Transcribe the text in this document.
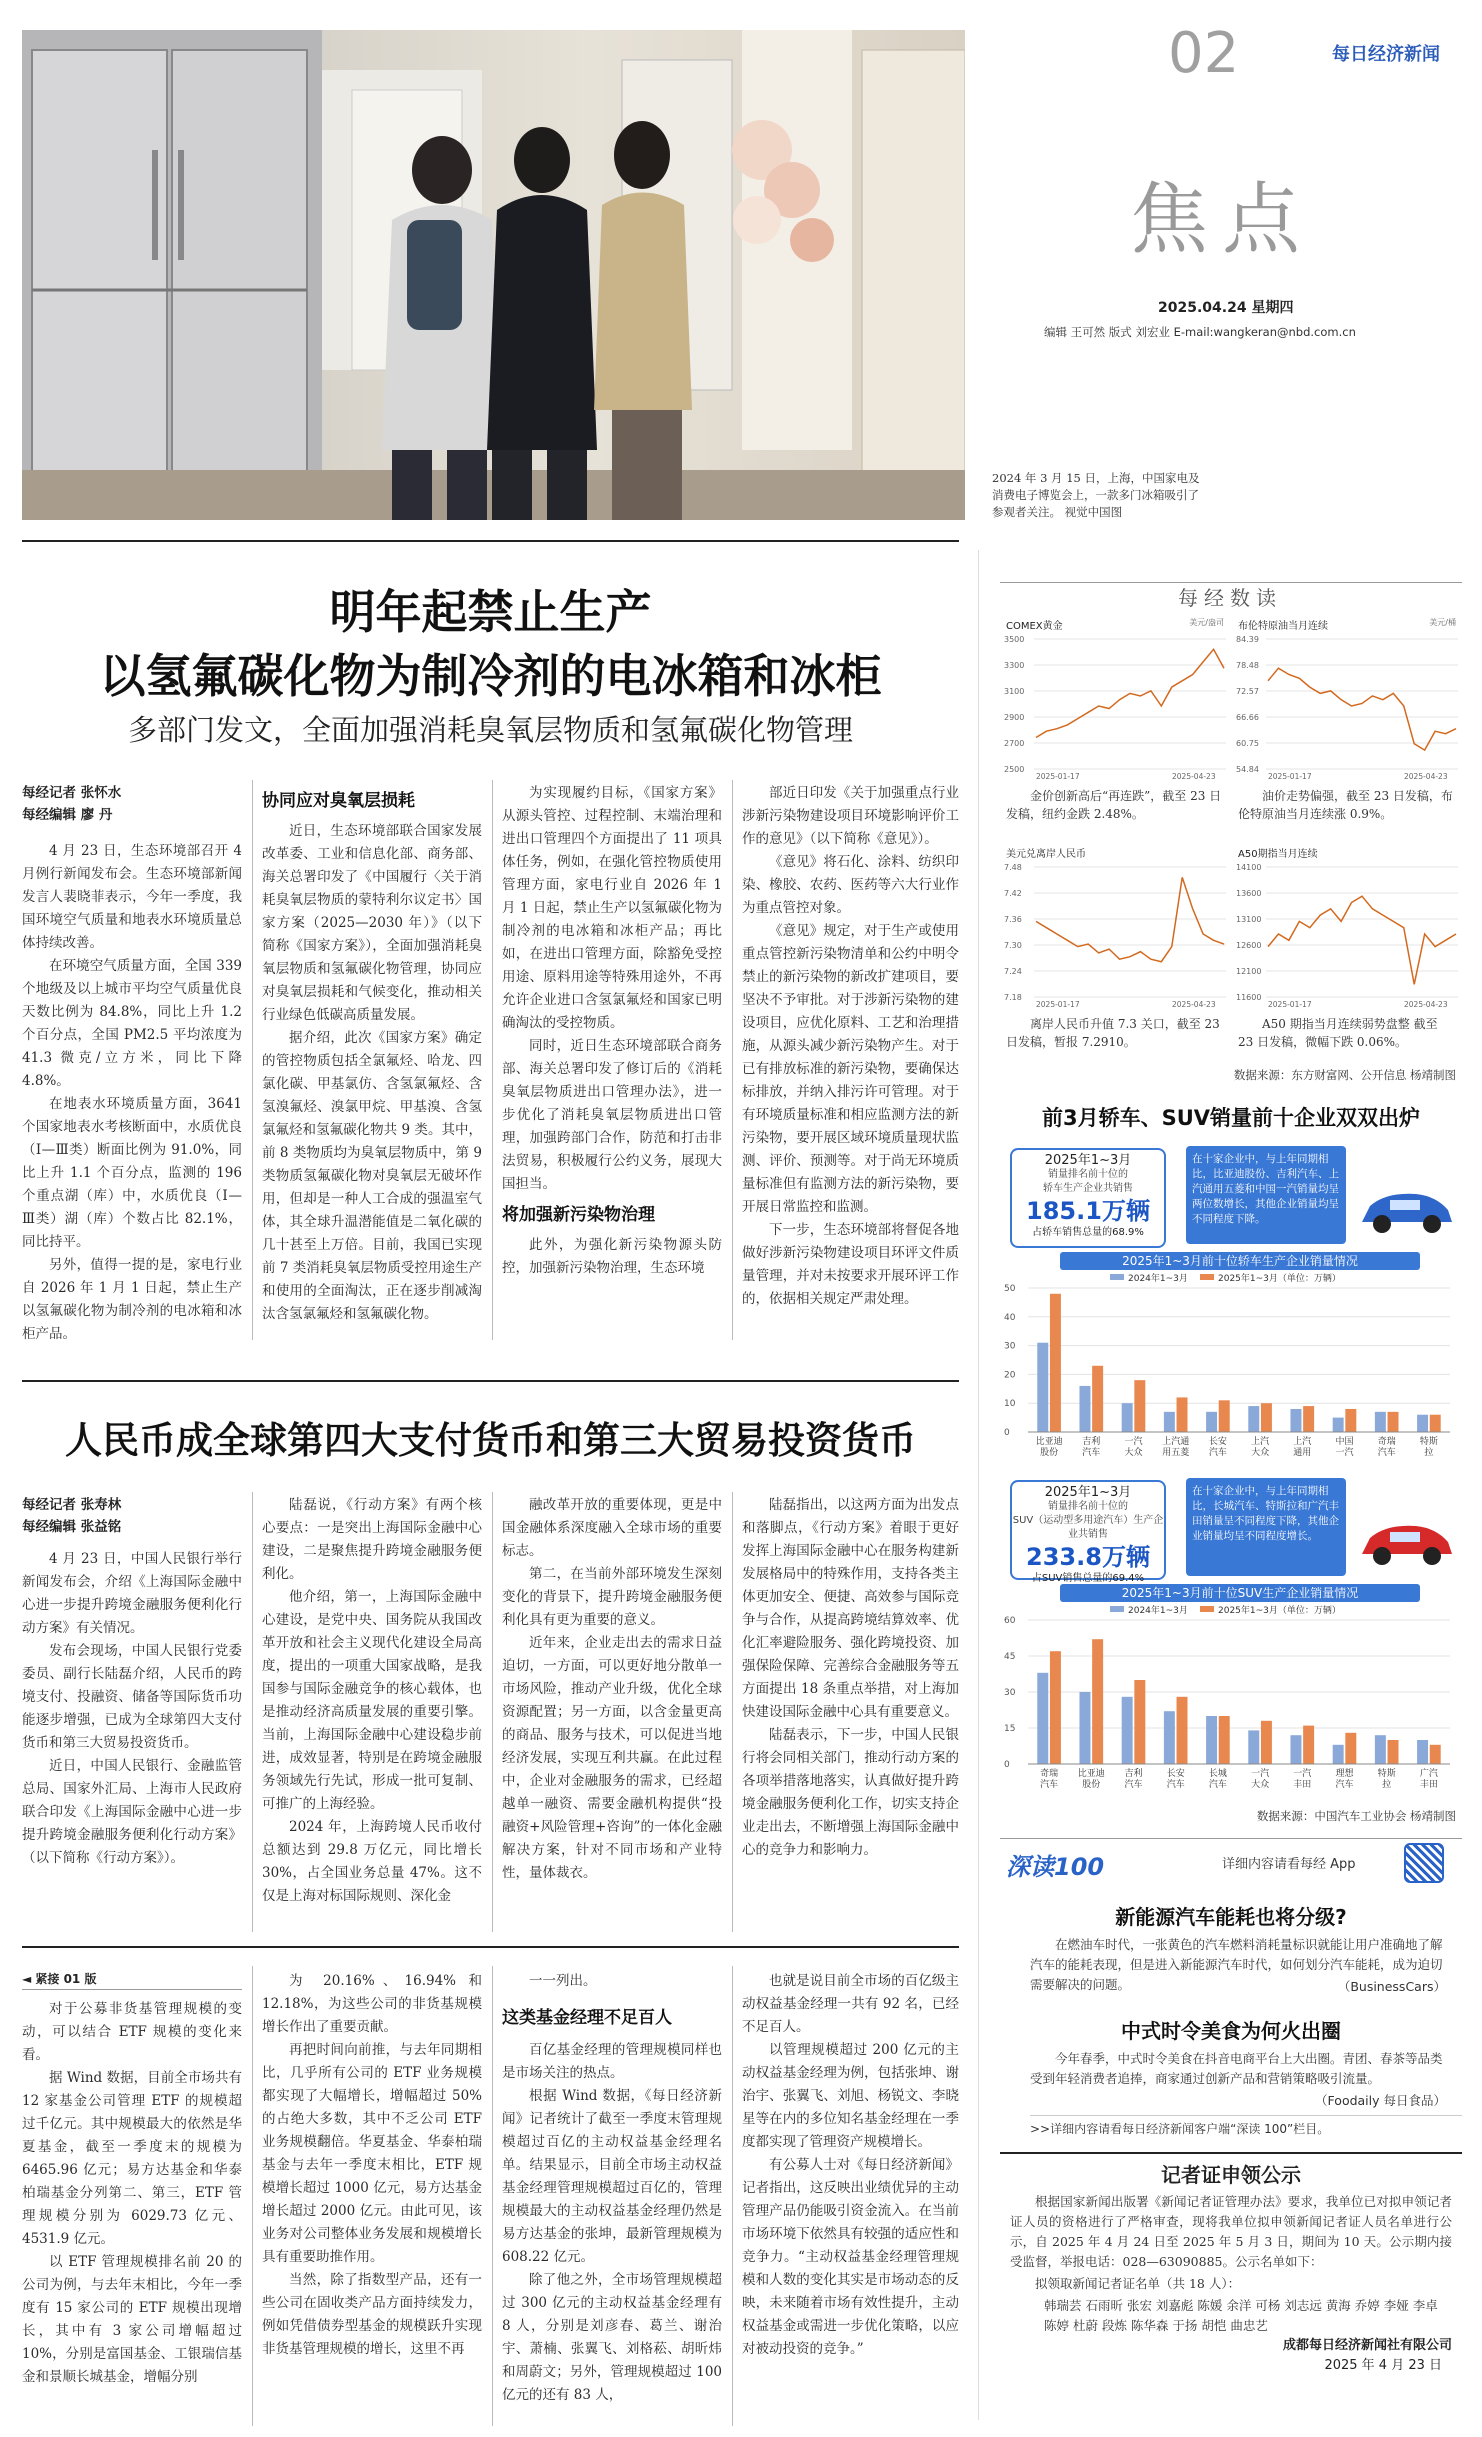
02	每日经济新闻
焦点
2025.04.24 星期四
编辑 王可然 版式 刘宏业 E-mail:wangkeran@nbd.com.cn
2024 年 3 月 15 日，上海，中国家电及消费电子博览会上，一款多门冰箱吸引了参观者关注。 视觉中国图
明年起禁止生产
以氢氟碳化物为制冷剂的电冰箱和冰柜
多部门发文，全面加强消耗臭氧层物质和氢氟碳化物管理
每经记者 张怀水
每经编辑 廖 丹

4 月 23 日，生态环境部召开 4 月例行新闻发布会。生态环境部新闻发言人裴晓菲表示，今年一季度，我国环境空气质量和地表水环境质量总体持续改善。

在环境空气质量方面，全国 339 个地级及以上城市平均空气质量优良天数比例为 84.8%，同比上升 1.2 个百分点，全国 PM2.5 平均浓度为 41.3 微克/立方米，同比下降 4.8%。

在地表水环境质量方面，3641 个国家地表水考核断面中，水质优良（Ⅰ—Ⅲ类）断面比例为 91.0%，同比上升 1.1 个百分点，监测的 196 个重点湖（库）中，水质优良（Ⅰ—Ⅲ类）湖（库）个数占比 82.1%，同比持平。

另外，值得一提的是，家电行业自 2026 年 1 月 1 日起，禁止生产以氢氟碳化物为制冷剂的电冰箱和冰柜产品。

协同应对臭氧层损耗

近日，生态环境部联合国家发展改革委、工业和信息化部、商务部、海关总署印发了《中国履行〈关于消耗臭氧层物质的蒙特利尔议定书〉国家方案（2025—2030 年）》（以下简称《国家方案》），全面加强消耗臭氧层物质和氢氟碳化物管理，协同应对臭氧层损耗和气候变化，推动相关行业绿色低碳高质量发展。

据介绍，此次《国家方案》确定的管控物质包括全氯氟烃、哈龙、四氯化碳、甲基氯仿、含氢氯氟烃、含氢溴氟烃、溴氯甲烷、甲基溴、含氢氯氟烃和氢氟碳化物共 9 类。其中，前 8 类物质均为臭氧层物质中，第 9 类物质氢氟碳化物对臭氧层无破坏作用，但却是一种人工合成的强温室气体，其全球升温潜能值是二氧化碳的几十甚至上万倍。目前，我国已实现前 7 类消耗臭氧层物质受控用途生产和使用的全面淘汰，正在逐步削减淘汰含氢氯氟烃和氢氟碳化物。

为实现履约目标，《国家方案》从源头管控、过程控制、末端治理和进出口管理四个方面提出了 11 项具体任务，例如，在强化管控物质使用管理方面，家电行业自 2026 年 1 月 1 日起，禁止生产以氢氟碳化物为制冷剂的电冰箱和冰柜产品；再比如，在进出口管理方面，除豁免受控用途、原料用途等特殊用途外，不再允许企业进口含氢氯氟烃和国家已明确淘汰的受控物质。

同时，近日生态环境部联合商务部、海关总署印发了修订后的《消耗臭氧层物质进出口管理办法》，进一步优化了消耗臭氧层物质进出口管理，加强跨部门合作，防范和打击非法贸易，积极履行公约义务，展现大国担当。

将加强新污染物治理

此外，为强化新污染物源头防控，加强新污染物治理，生态环境

部近日印发《关于加强重点行业涉新污染物建设项目环境影响评价工作的意见》（以下简称《意见》）。

《意见》将石化、涂料、纺织印染、橡胶、农药、医药等六大行业作为重点管控对象。

《意见》规定，对于生产或使用重点管控新污染物清单和公约中明令禁止的新污染物的新改扩建项目，要坚决不予审批。对于涉新污染物的建设项目，应优化原料、工艺和治理措施，从源头减少新污染物产生。对于已有排放标准的新污染物，要确保达标排放，并纳入排污许可管理。对于有环境质量标准和相应监测方法的新污染物，要开展区域环境质量现状监测、评价、预测等。对于尚无环境质量标准但有监测方法的新污染物，要开展日常监控和监测。

下一步，生态环境部将督促各地做好涉新污染物建设项目环评文件质量管理，并对未按要求开展环评工作的，依据相关规定严肃处理。

人民币成全球第四大支付货币和第三大贸易投资货币
每经记者 张寿林
每经编辑 张益铭

4 月 23 日，中国人民银行举行新闻发布会，介绍《上海国际金融中心进一步提升跨境金融服务便利化行动方案》有关情况。

发布会现场，中国人民银行党委委员、副行长陆磊介绍，人民币的跨境支付、投融资、储备等国际货币功能逐步增强，已成为全球第四大支付货币和第三大贸易投资货币。

近日，中国人民银行、金融监管总局、国家外汇局、上海市人民政府联合印发《上海国际金融中心进一步提升跨境金融服务便利化行动方案》（以下简称《行动方案》）。

陆磊说，《行动方案》有两个核心要点：一是突出上海国际金融中心建设，二是聚焦提升跨境金融服务便利化。

他介绍，第一，上海国际金融中心建设，是党中央、国务院从我国改革开放和社会主义现代化建设全局高度，提出的一项重大国家战略，是我国参与国际金融竞争的核心载体，也是推动经济高质量发展的重要引擎。当前，上海国际金融中心建设稳步前进，成效显著，特别是在跨境金融服务领域先行先试，形成一批可复制、可推广的上海经验。

2024 年，上海跨境人民币收付总额达到 29.8 万亿元，同比增长 30%，占全国业务总量 47%。这不仅是上海对标国际规则、深化金

融改革开放的重要体现，更是中国金融体系深度融入全球市场的重要标志。

第二，在当前外部环境发生深刻变化的背景下，提升跨境金融服务便利化具有更为重要的意义。

近年来，企业走出去的需求日益迫切，一方面，可以更好地分散单一市场风险，推动产业升级，优化全球资源配置；另一方面，以含金量更高的商品、服务与技术，可以促进当地经济发展，实现互利共赢。在此过程中，企业对金融服务的需求，已经超越单一融资、需要金融机构提供“投融资+风险管理+咨询”的一体化金融解决方案，针对不同市场和产业特性，量体裁衣。

陆磊指出，以这两方面为出发点和落脚点，《行动方案》着眼于更好发挥上海国际金融中心在服务构建新发展格局中的特殊作用，支持各类主体更加安全、便捷、高效参与国际竞争与合作，从提高跨境结算效率、优化汇率避险服务、强化跨境投资、加强保险保障、完善综合金融服务等五方面提出 18 条重点举措，对上海加快建设国际金融中心具有重要意义。

陆磊表示，下一步，中国人民银行将会同相关部门，推动行动方案的各项举措落地落实，认真做好提升跨境金融服务便利化工作，切实支持企业走出去，不断增强上海国际金融中心的竞争力和影响力。

◄ 紧接 01 版

对于公募非货基管理规模的变动，可以结合 ETF 规模的变化来看。

据 Wind 数据，目前全市场共有 12 家基金公司管理 ETF 的规模超过千亿元。其中规模最大的依然是华夏基金，截至一季度末的规模为 6465.96 亿元；易方达基金和华泰柏瑞基金分列第二、第三，ETF 管理规模分别为 6029.73 亿元、4531.9 亿元。

以 ETF 管理规模排名前 20 的公司为例，与去年末相比，今年一季度有 15 家公司的 ETF 规模出现增长，其中有 3 家公司增幅超过 10%，分别是富国基金、工银瑞信基金和景顺长城基金，增幅分别

为 20.16%、16.94% 和 12.18%，为这些公司的非货基规模增长作出了重要贡献。

再把时间向前推，与去年同期相比，几乎所有公司的 ETF 业务规模都实现了大幅增长，增幅超过 50% 的占绝大多数，其中不乏公司 ETF 业务规模翻倍。华夏基金、华泰柏瑞基金与去年一季度末相比，ETF 规模增长超过 1000 亿元，易方达基金增长超过 2000 亿元。由此可见，该业务对公司整体业务发展和规模增长具有重要助推作用。

当然，除了指数型产品，还有一些公司在固收类产品方面持续发力，例如凭借债券型基金的规模跃升实现非货基管理规模的增长，这里不再

一一列出。

这类基金经理不足百人

百亿基金经理的管理规模同样也是市场关注的热点。

根据 Wind 数据，《每日经济新闻》记者统计了截至一季度末管理规模超过百亿的主动权益基金经理名单。结果显示，目前全市场主动权益基金经理管理规模超过百亿的，管理规模最大的主动权益基金经理仍然是易方达基金的张坤，最新管理规模为 608.22 亿元。

除了他之外，全市场管理规模超过 300 亿元的主动权益基金经理有 8 人，分别是刘彦春、葛兰、谢治宇、萧楠、张翼飞、刘格菘、胡昕炜和周蔚文；另外，管理规模超过 100 亿元的还有 83 人，

也就是说目前全市场的百亿级主动权益基金经理一共有 92 名，已经不足百人。

以管理规模超过 200 亿元的主动权益基金经理为例，包括张坤、谢治宇、张翼飞、刘旭、杨锐文、李晓星等在内的多位知名基金经理在一季度都实现了管理资产规模增长。

有公募人士对《每日经济新闻》记者指出，这反映出业绩优异的主动管理产品仍能吸引资金流入。在当前市场环境下依然具有较强的适应性和竞争力。“主动权益基金经理管理规模和人数的变化其实是市场动态的反映，未来随着市场有效性提升，主动权益基金或需进一步优化策略，以应对被动投资的竞争。”

每经数读
COMEX黄金	美元/盎司
3500
3300
3100
2900
2700
2500
2025-01-17	2025-04-23
金价创新高后“再连跌”，截至 23 日发稿，纽约金跌 2.48%。
布伦特原油当月连续	美元/桶
84.39
78.48
72.57
66.66
60.75
54.84
2025-01-17	2025-04-23
油价走势偏强，截至 23 日发稿，布伦特原油当月连续涨 0.9%。
美元兑离岸人民币
7.48
7.42
7.36
7.30
7.24
7.18
2025-01-17	2025-04-23
离岸人民币升值 7.3 关口，截至 23 日发稿，暂报 7.2910。
A50期指当月连续
14100
13600
13100
12600
12100
11600
2025-01-17	2025-04-23
A50 期指当月连续弱势盘整 截至 23 日发稿，微幅下跌 0.06%。
数据来源：东方财富网、公开信息 杨靖制图
前3月轿车、SUV销量前十企业双双出炉
2025年1~3月
销量排名前十位的
轿车生产企业共销售
185.1万辆
占轿车销售总量的68.9%
在十家企业中，与上年同期相比，比亚迪股份、吉利汽车、上汽通用五菱和中国一汽销量均呈两位数增长，其他企业销量均呈不同程度下降。
2025年1~3月前十位轿车生产企业销量情况
2024年1~3月	2025年1~3月（单位：万辆）
0
10
20
30
40
50
比亚迪
股份
吉利
汽车
一汽
大众
上汽通
用五菱
长安
汽车
上汽
大众
上汽
通用
中国
一汽
奇瑞
汽车
特斯
拉
2025年1~3月
销量排名前十位的
SUV（运动型多用途汽车）生产企业共销售
233.8万辆
占SUV销售总量的69.4%
在十家企业中，与上年同期相比，长城汽车、特斯拉和广汽丰田销量呈不同程度下降，其他企业销量均呈不同程度增长。
2025年1~3月前十位SUV生产企业销量情况
2024年1~3月	2025年1~3月（单位：万辆）
0
15
30
45
60
奇瑞
汽车
比亚迪
股份
吉利
汽车
长安
汽车
长城
汽车
一汽
大众
一汽
丰田
理想
汽车
特斯
拉
广汽
丰田
数据来源：中国汽车工业协会 杨靖制图
深读100	详细内容请看每经 App
新能源汽车能耗也将分级?
在燃油车时代，一张黄色的汽车燃料消耗量标识就能让用户准确地了解汽车的能耗表现，但是进入新能源汽车时代，如何划分汽车能耗，成为迫切需要解决的问题。	（BusinessCars）
中式时令美食为何火出圈
今年春季，中式时令美食在抖音电商平台上大出圈。青团、春茶等品类受到年轻消费者追捧，商家通过创新产品和营销策略吸引流量。
（Foodaily 每日食品）
>>详细内容请看每日经济新闻客户端“深读 100”栏目。
记者证申领公示
根据国家新闻出版署《新闻记者证管理办法》要求，我单位已对拟申领记者证人员的资格进行了严格审查，现将我单位拟申领新闻记者证人员名单进行公示，自 2025 年 4 月 24 日至 2025 年 5 月 3 日，期间为 10 天。公示期内接受监督，举报电话：028—63090885。公示名单如下：
拟领取新闻记者证名单（共 18 人）：
韩瑞芸 石雨昕 张宏 刘嘉彪 陈媛 余洋 可杨 刘志远 黄海 乔婷 李娅 李卓 陈婷 杜蔚 段炼 陈华森 于扬 胡恺 曲忠艺
成都每日经济新闻社有限公司
2025 年 4 月 23 日
